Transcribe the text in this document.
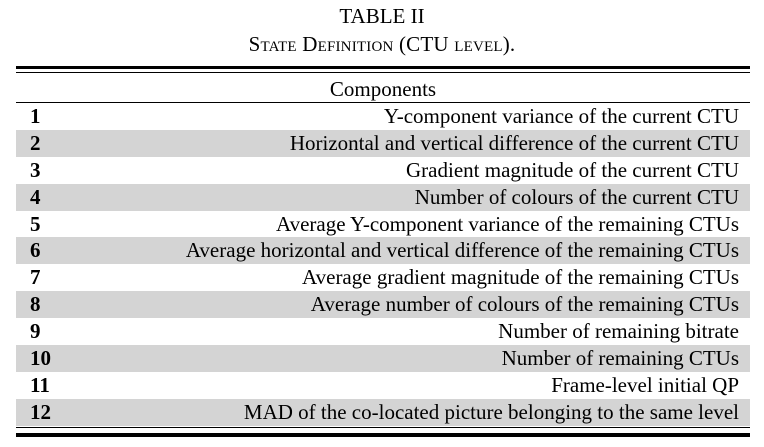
TABLE II
State Definition (CTU level).
Components
1	Y-component variance of the current CTU
2	Horizontal and vertical difference of the current CTU
3	Gradient magnitude of the current CTU
4	Number of colours of the current CTU
5	Average Y-component variance of the remaining CTUs
6	Average horizontal and vertical difference of the remaining CTUs
7	Average gradient magnitude of the remaining CTUs
8	Average number of colours of the remaining CTUs
9	Number of remaining bitrate
10	Number of remaining CTUs
11	Frame-level initial QP
12	MAD of the co-located picture belonging to the same level
